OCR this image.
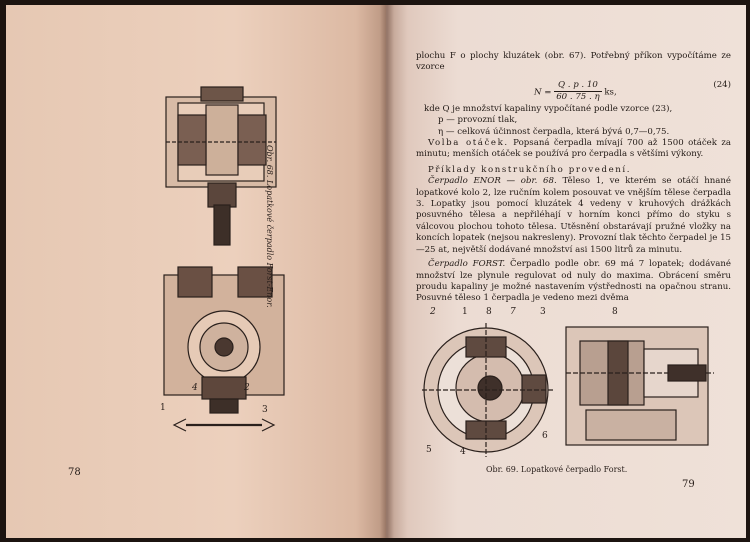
1
4	2
3
Obr. 68. Lopatkové čerpadlo Forst-Enor.
78

plochu F o plochy kluzátek (obr. 67). Potřebný příkon vypočítáme ze vzorce

$N = \frac{Q . p . 10}{60 . 75 . \eta}$ ks,
(24)
kde Q je množství kapaliny vypočítané podle vzorce (23),
p — provozní tlak,
η — celková účinnost čerpadla, která bývá 0,7—0,75.

Volba otáček. Popsaná čerpadla mívají 700 až 1500 otáček za minutu; menších otáček se používá pro čerpadla s většími výkony.

Příklady konstrukčního provedení.

Čerpadlo ENOR — obr. 68. Těleso 1, ve kterém se otáčí hnané lopatkové kolo 2, lze ručním kolem posouvat ve vnějším tělese čerpadla 3. Lopatky jsou pomocí kluzátek 4 vedeny v kruhových drážkách posuvného tělesa a nepřiléhají v horním konci přímo do styku s válcovou plochou tohoto tělesa. Utěsnění obstarávají pružné vložky na koncích lopatek (nejsou nakresleny). Provozní tlak těchto čerpadel je 15—25 at, největší dodávané množství asi 1500 litrů za minutu.

Čerpadlo FORST. Čerpadlo podle obr. 69 má 7 lopatek; dodávané množství lze plynule regulovat od nuly do maxima. Obrácení směru proudu kapaliny je možné nastavením výstřednosti na opačnou stranu. Posuvné těleso 1 čerpadla je vedeno mezi dvěma

2	1 8 7	3	8
5	4
6
Obr. 69. Lopatkové čerpadlo Forst.
79
